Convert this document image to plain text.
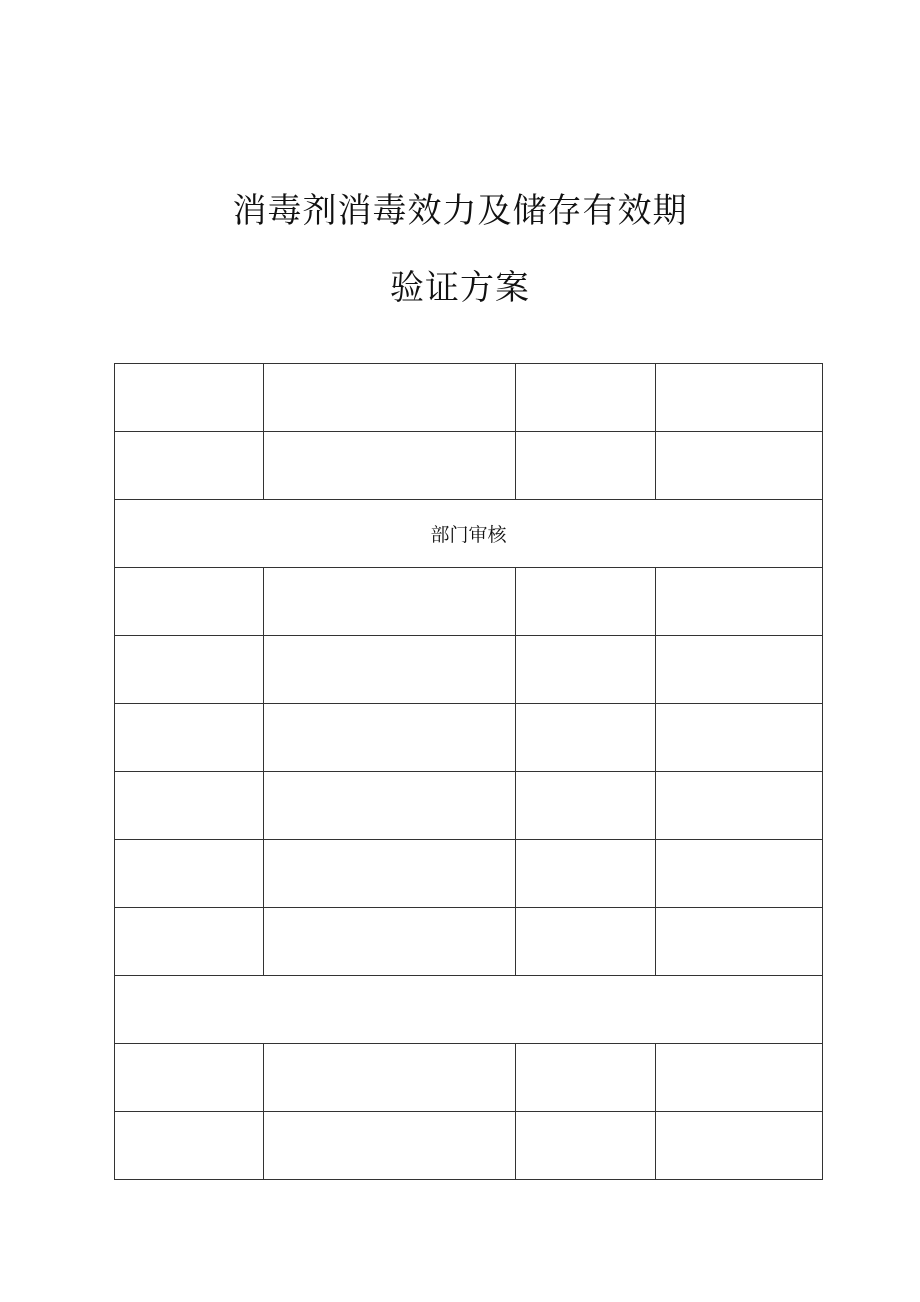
消毒剂消毒效力及储存有效期
验证方案

部门审核			
